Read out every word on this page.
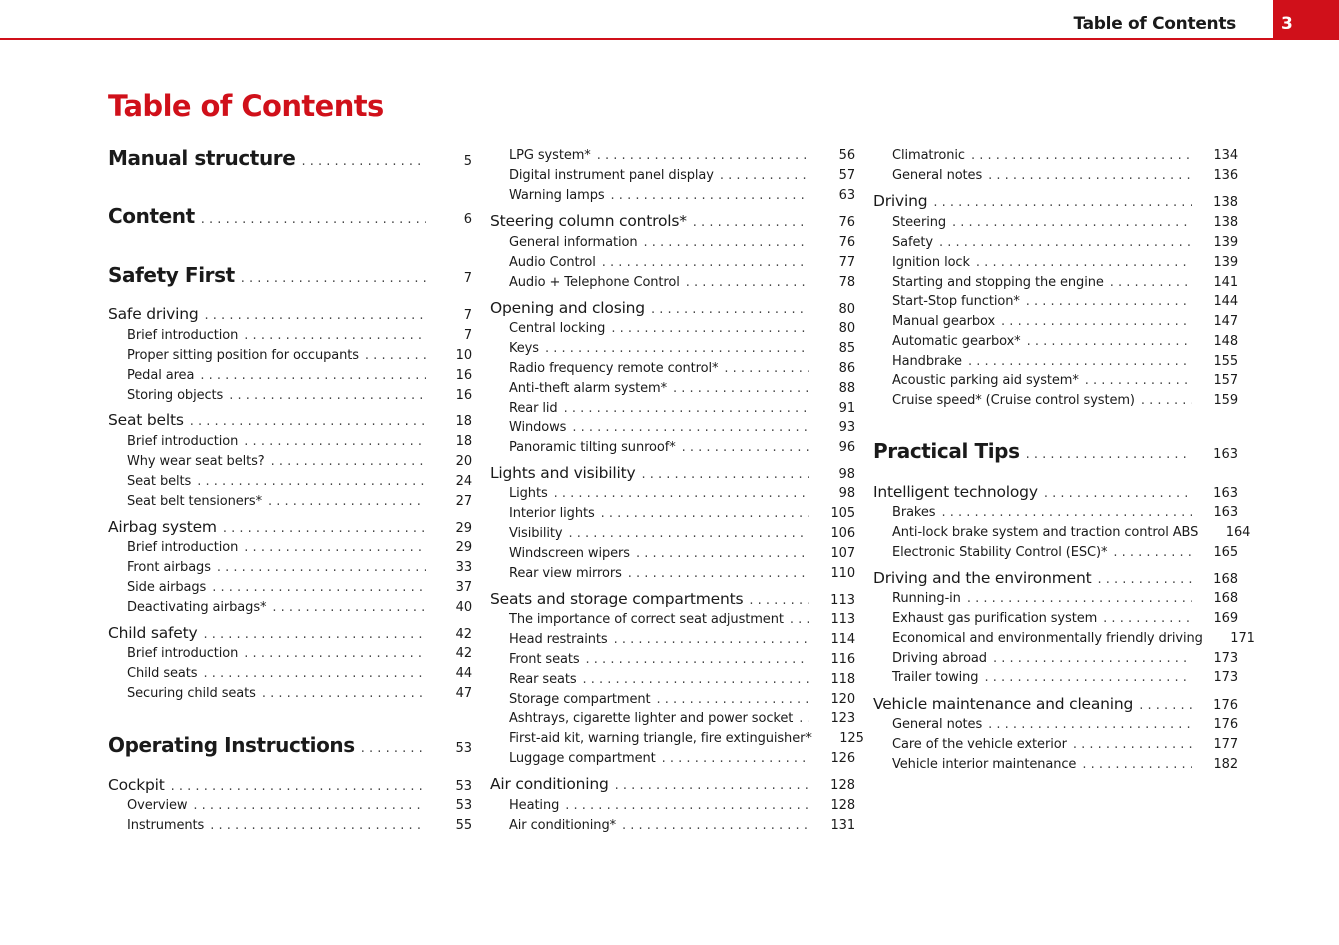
Table of Contents	3
Table of Contents
Manual structure . . .	5
Content . . .	6
Safety First . . .	7
Safe driving . . .	7
Brief introduction . . .	7
Proper sitting position for occupants . . .	10
Pedal area . . .	16
Storing objects . . .	16
Seat belts . . .	18
Brief introduction . . .	18
Why wear seat belts? . . .	20
Seat belts . . .	24
Seat belt tensioners* . . .	27
Airbag system . . .	29
Brief introduction . . .	29
Front airbags . . .	33
Side airbags . . .	37
Deactivating airbags* . . .	40
Child safety . . .	42
Brief introduction . . .	42
Child seats . . .	44
Securing child seats . . .	47
Operating Instructions . . .	53
Cockpit . . .	53
Overview . . .	53
Instruments . . .	55
LPG system* . . .	56
Digital instrument panel display . . .	57
Warning lamps . . .	63
Steering column controls* . . .	76
General information . . .	76
Audio Control . . .	77
Audio + Telephone Control . . .	78
Opening and closing . . .	80
Central locking . . .	80
Keys . . .	85
Radio frequency remote control* . . .	86
Anti-theft alarm system* . . .	88
Rear lid . . .	91
Windows . . .	93
Panoramic tilting sunroof* . . .	96
Lights and visibility . . .	98
Lights . . .	98
Interior lights . . .	105
Visibility . . .	106
Windscreen wipers . . .	107
Rear view mirrors . . .	110
Seats and storage compartments . . .	113
The importance of correct seat adjustment . . .	113
Head restraints . . .	114
Front seats . . .	116
Rear seats . . .	118
Storage compartment . . .	120
Ashtrays, cigarette lighter and power socket . . .	123
First-aid kit, warning triangle, fire extinguisher*	125
Luggage compartment . . .	126
Air conditioning . . .	128
Heating . . .	128
Air conditioning* . . .	131
Climatronic . . .	134
General notes . . .	136
Driving . . .	138
Steering . . .	138
Safety . . .	139
Ignition lock . . .	139
Starting and stopping the engine . . .	141
Start-Stop function* . . .	144
Manual gearbox . . .	147
Automatic gearbox* . . .	148
Handbrake . . .	155
Acoustic parking aid system* . . .	157
Cruise speed* (Cruise control system) . . .	159
Practical Tips . . .	163
Intelligent technology . . .	163
Brakes . . .	163
Anti-lock brake system and traction control ABS	164
Electronic Stability Control (ESC)* . . .	165
Driving and the environment . . .	168
Running-in . . .	168
Exhaust gas purification system . . .	169
Economical and environmentally friendly driving	171
Driving abroad . . .	173
Trailer towing . . .	173
Vehicle maintenance and cleaning . . .	176
General notes . . .	176
Care of the vehicle exterior . . .	177
Vehicle interior maintenance . . .	182
